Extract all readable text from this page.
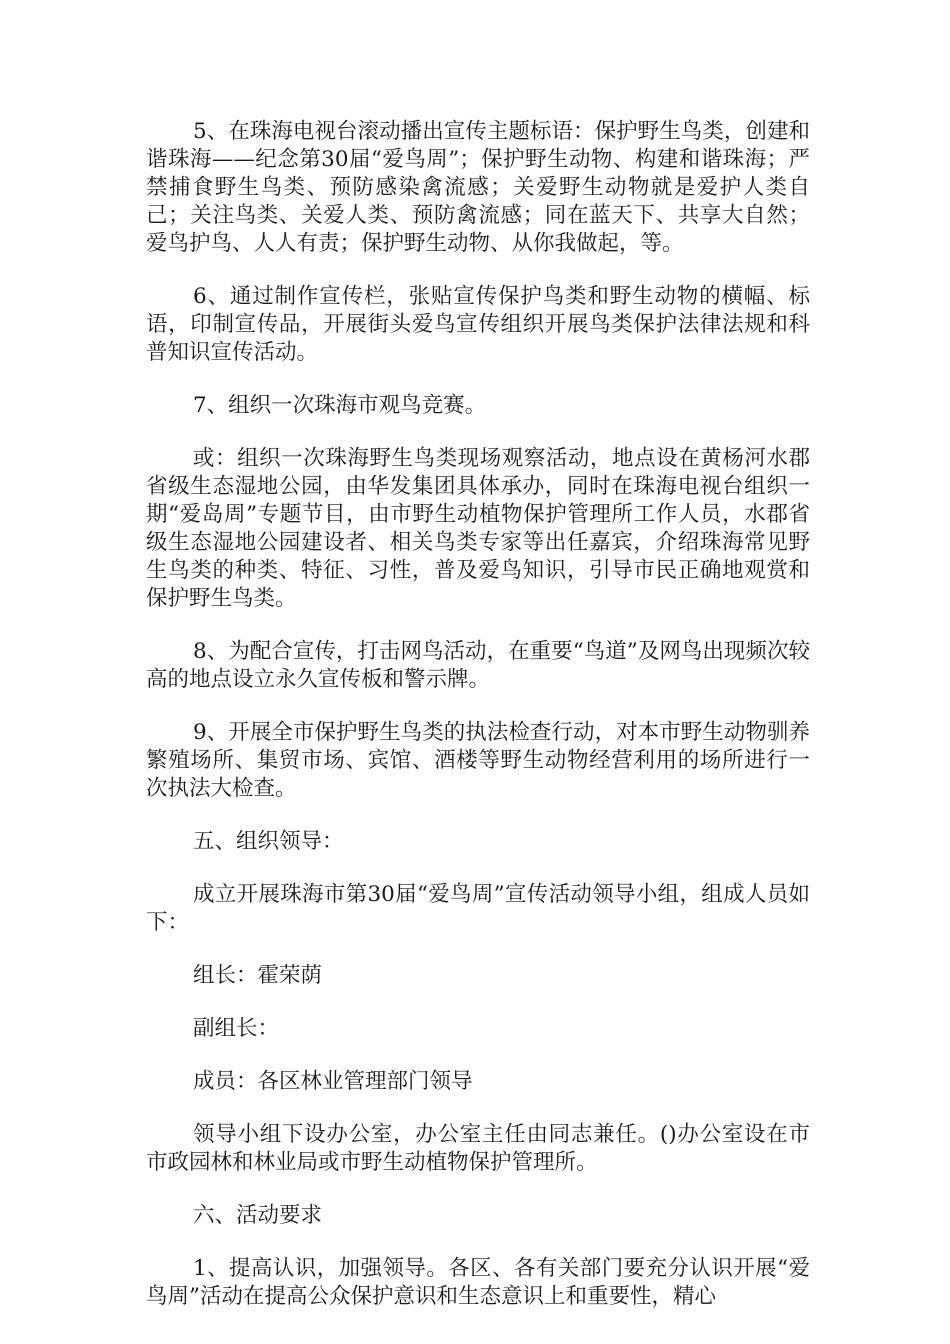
5、在珠海电视台滚动播出宣传主题标语：保护野生鸟类，创建和谐珠海——纪念第30届“爱鸟周”；保护野生动物、构建和谐珠海；严禁捕食野生鸟类、预防感染禽流感；关爱野生动物就是爱护人类自己；关注鸟类、关爱人类、预防禽流感；同在蓝天下、共享大自然；爱鸟护鸟、人人有责；保护野生动物、从你我做起，等。

6、通过制作宣传栏，张贴宣传保护鸟类和野生动物的横幅、标语，印制宣传品，开展街头爱鸟宣传组织开展鸟类保护法律法规和科普知识宣传活动。

7、组织一次珠海市观鸟竞赛。

或：组织一次珠海野生鸟类现场观察活动，地点设在黄杨河水郡省级生态湿地公园，由华发集团具体承办，同时在珠海电视台组织一期“爱岛周”专题节目，由市野生动植物保护管理所工作人员，水郡省级生态湿地公园建设者、相关鸟类专家等出任嘉宾，介绍珠海常见野生鸟类的种类、特征、习性，普及爱鸟知识，引导市民正确地观赏和保护野生鸟类。

8、为配合宣传，打击网鸟活动，在重要“鸟道”及网鸟出现频次较高的地点设立永久宣传板和警示牌。

9、开展全市保护野生鸟类的执法检查行动，对本市野生动物驯养繁殖场所、集贸市场、宾馆、酒楼等野生动物经营利用的场所进行一次执法大检查。

五、组织领导：

成立开展珠海市第30届“爱鸟周”宣传活动领导小组，组成人员如下：

组长：霍荣荫

副组长：

成员：各区林业管理部门领导

领导小组下设办公室，办公室主任由同志兼任。()办公室设在市市政园林和林业局或市野生动植物保护管理所。

六、活动要求

1、提高认识，加强领导。各区、各有关部门要充分认识开展“爱鸟周”活动在提高公众保护意识和生态意识上和重要性，精心
